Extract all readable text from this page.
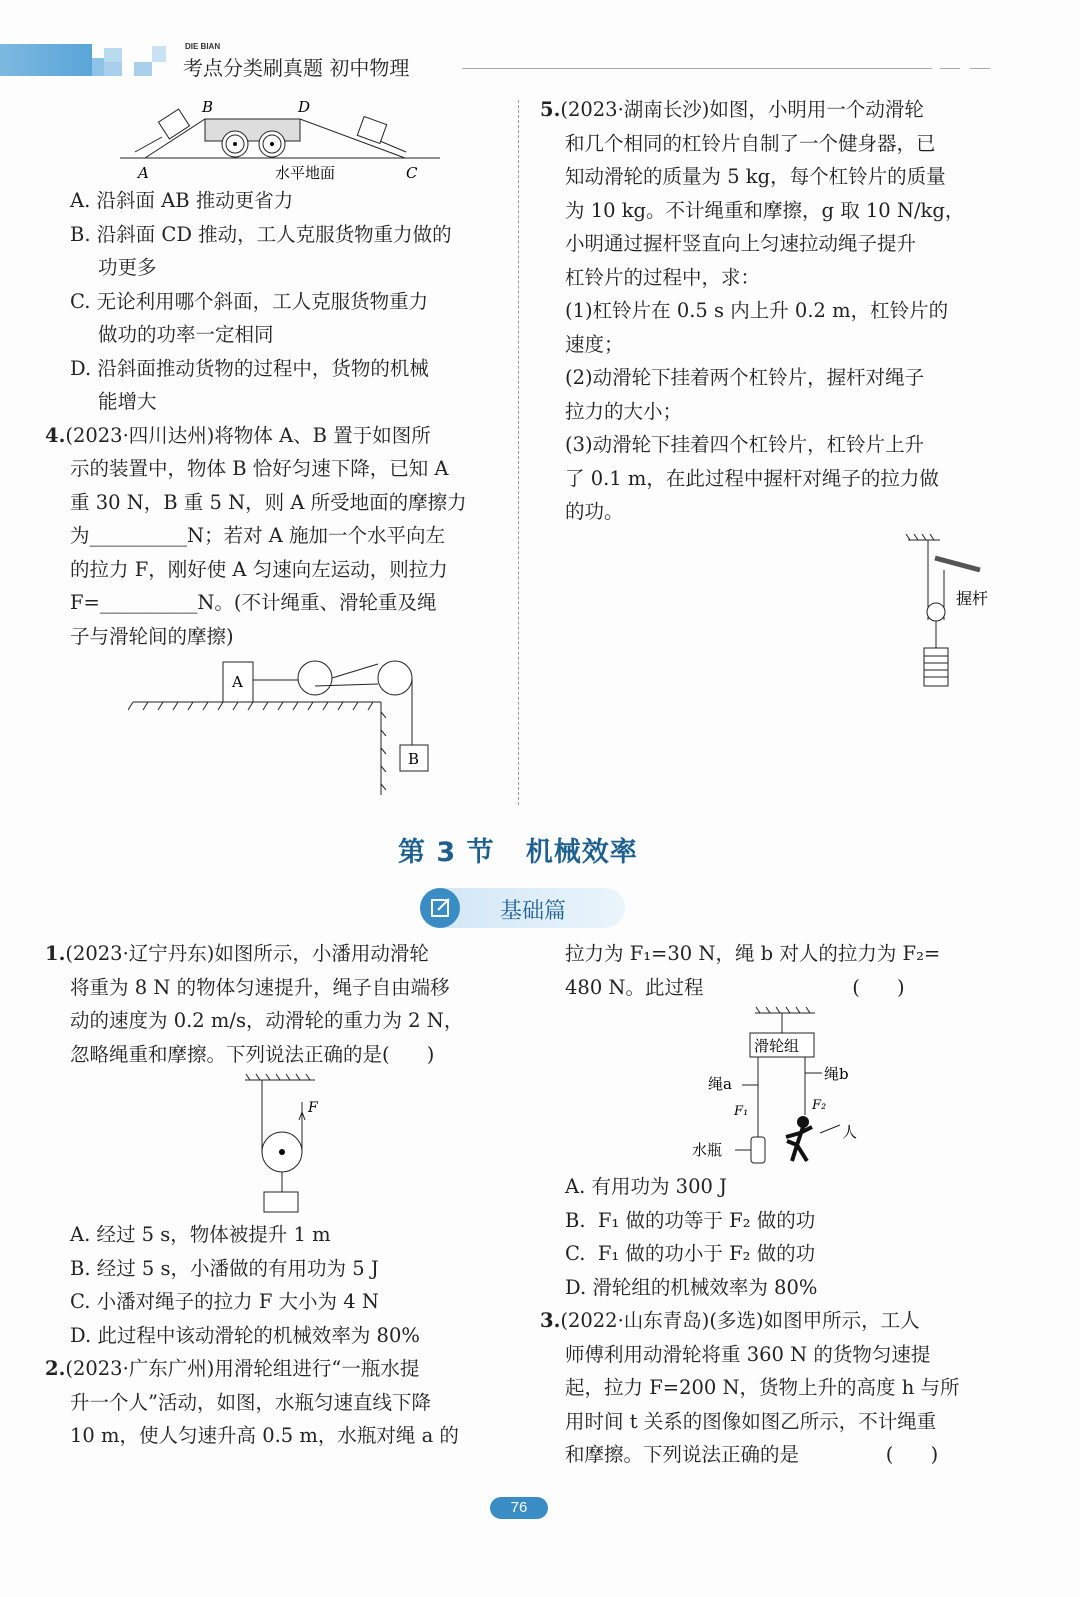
DIE BIAN
考点分类刷真题 初中物理
A
B	D
C
水平地面
A. 沿斜面 AB 推动更省力
B. 沿斜面 CD 推动，工人克服货物重力做的
功更多
C. 无论利用哪个斜面，工人克服货物重力
做功的功率一定相同
D. 沿斜面推动货物的过程中，货物的机械
能增大
4.(2023·四川达州)将物体 A、B 置于如图所
示的装置中，物体 B 恰好匀速下降，已知 A
重 30 N，B 重 5 N，则 A 所受地面的摩擦力
为__________N；若对 A 施加一个水平向左
的拉力 F，刚好使 A 匀速向左运动，则拉力
F=__________N。(不计绳重、滑轮重及绳
子与滑轮间的摩擦)
A
B
5.(2023·湖南长沙)如图，小明用一个动滑轮
和几个相同的杠铃片自制了一个健身器，已
知动滑轮的质量为 5 kg，每个杠铃片的质量
为 10 kg。不计绳重和摩擦，g 取 10 N/kg，
小明通过握杆竖直向上匀速拉动绳子提升
杠铃片的过程中，求：
(1)杠铃片在 0.5 s 内上升 0.2 m，杠铃片的
速度；
(2)动滑轮下挂着两个杠铃片，握杆对绳子
拉力的大小；
(3)动滑轮下挂着四个杠铃片，杠铃片上升
了 0.1 m，在此过程中握杆对绳子的拉力做
的功。
握杆
第 3 节   机械效率
基础篇
1.(2023·辽宁丹东)如图所示，小潘用动滑轮
将重为 8 N 的物体匀速提升，绳子自由端移
动的速度为 0.2 m/s，动滑轮的重力为 2 N，
忽略绳重和摩擦。下列说法正确的是(      )
F
A. 经过 5 s，物体被提升 1 m
B. 经过 5 s，小潘做的有用功为 5 J
C. 小潘对绳子的拉力 F 大小为 4 N
D. 此过程中该动滑轮的机械效率为 80%
2.(2023·广东广州)用滑轮组进行“一瓶水提
升一个人”活动，如图，水瓶匀速直线下降
10 m，使人匀速升高 0.5 m，水瓶对绳 a 的
拉力为 F₁=30 N，绳 b 对人的拉力为 F₂=
480 N。此过程                        (      )
滑轮组
绳a
绳b
F₁	F₂
水瓶
人
A. 有用功为 300 J
B.  F₁ 做的功等于 F₂ 做的功
C.  F₁ 做的功小于 F₂ 做的功
D. 滑轮组的机械效率为 80%
3.(2022·山东青岛)(多选)如图甲所示，工人
师傅利用动滑轮将重 360 N 的货物匀速提
起，拉力 F=200 N，货物上升的高度 h 与所
用时间 t 关系的图像如图乙所示，不计绳重
和摩擦。下列说法正确的是              (      )
76
